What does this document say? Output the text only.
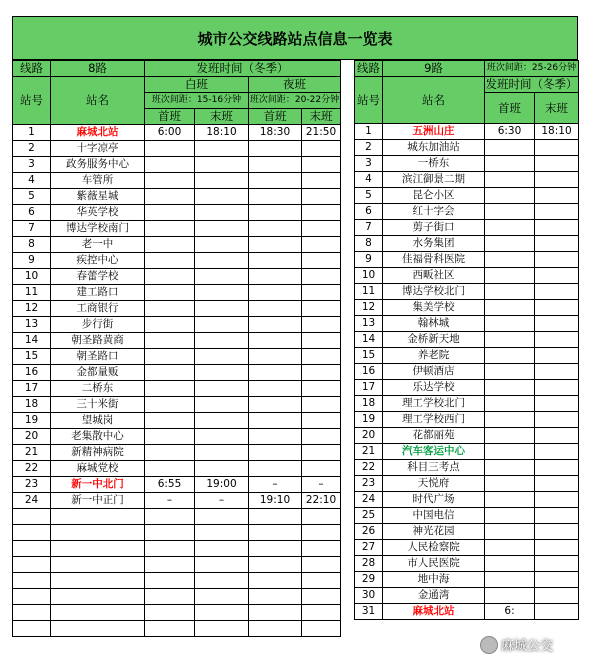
城市公交线路站点信息一览表
线路	8路	发班时间（冬季）			
站号	站名	白班		夜班	
		班次间距：15-16分钟		班次间距：20-22分钟	
		首班	末班	首班	末班
1	麻城北站	6:00	18:10	18:30	21:50
2	十字凉亭				
3	政务服务中心				
4	车管所				
5	紫薇星城				
6	华英学校				
7	博达学校南门				
8	老一中				
9	疾控中心				
10	春蕾学校				
11	建工路口				
12	工商银行				
13	步行街				
14	朝圣路黄商				
15	朝圣路口				
16	金都量贩				
17	二桥东				
18	三十米街				
19	望城岗				
20	老集散中心				
21	新精神病院				
22	麻城党校				
23	新一中北门	6:55	19:00	–	–
24	新一中正门	–	–	19:10	22:10

线路	9路	班次间距：25-26分钟	
站号	站名	发班时间（冬季）	
		首班	末班
1	五洲山庄	6:30	18:10
2	城东加油站		
3	一桥东		
4	滨江御景二期		
5	昆仑小区		
6	红十字会		
7	剪子街口		
8	水务集团		
9	佳福骨科医院		
10	西畈社区		
11	博达学校北门		
12	集美学校		
13	翰林城		
14	金桥新天地		
15	养老院		
16	伊顿酒店		
17	乐达学校		
18	理工学校北门		
19	理工学校西门		
20	花都丽苑		
21	汽车客运中心		
22	科目三考点		
23	天悦府		
24	时代广场		
25	中国电信		
26	神光花园		
27	人民检察院		
28	市人民医院		
29	地中海		
30	金通湾		
31	麻城北站	6:	
麻城公交
